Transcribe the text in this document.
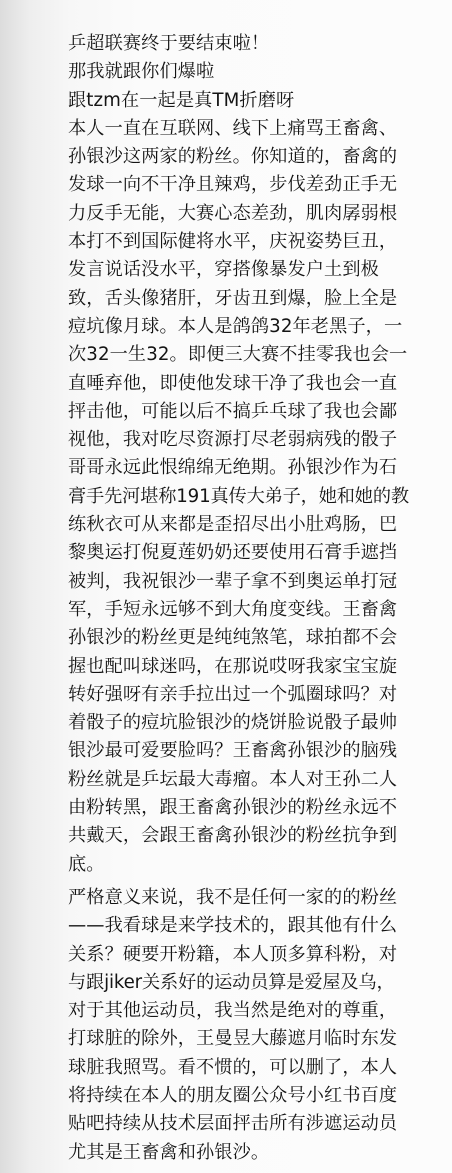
乒超联赛终于要结束啦！
那我就跟你们爆啦
跟tzm在一起是真TM折磨呀
本人一直在互联网、线下上痛骂王畜禽、
孙银沙这两家的粉丝。你知道的，畜禽的
发球一向不干净且辣鸡，步伐差劲正手无
力反手无能，大赛心态差劲，肌肉孱弱根
本打不到国际健将水平，庆祝姿势巨丑，
发言说话没水平，穿搭像暴发户土到极
致，舌头像猪肝，牙齿丑到爆，脸上全是
痘坑像月球。本人是鸽鸽32年老黑子，一
次32一生32。即便三大赛不挂零我也会一
直唾弃他，即使他发球干净了我也会一直
抨击他，可能以后不搞乒乓球了我也会鄙
视他，我对吃尽资源打尽老弱病残的骰子
哥哥永远此恨绵绵无绝期。孙银沙作为石
膏手先河堪称191真传大弟子，她和她的教
练秋衣可从来都是歪招尽出小肚鸡肠，巴
黎奥运打倪夏莲奶奶还要使用石膏手遮挡
被判，我祝银沙一辈子拿不到奥运单打冠
军，手短永远够不到大角度变线。王畜禽
孙银沙的粉丝更是纯纯煞笔，球拍都不会
握也配叫球迷吗，在那说哎呀我家宝宝旋
转好强呀有亲手拉出过一个弧圈球吗？对
着骰子的痘坑脸银沙的烧饼脸说骰子最帅
银沙最可爱要脸吗？王畜禽孙银沙的脑残
粉丝就是乒坛最大毒瘤。本人对王孙二人
由粉转黑，跟王畜禽孙银沙的粉丝永远不
共戴天，会跟王畜禽孙银沙的粉丝抗争到
底。
严格意义来说，我不是任何一家的的粉丝
——我看球是来学技术的，跟其他有什么
关系？硬要开粉籍，本人顶多算科粉，对
与跟jiker关系好的运动员算是爱屋及乌，
对于其他运动员，我当然是绝对的尊重，
打球脏的除外，王曼昱大藤遮月临时东发
球脏我照骂。看不惯的，可以删了，本人
将持续在本人的朋友圈公众号小红书百度
贴吧持续从技术层面抨击所有涉遮运动员
尤其是王畜禽和孙银沙。
